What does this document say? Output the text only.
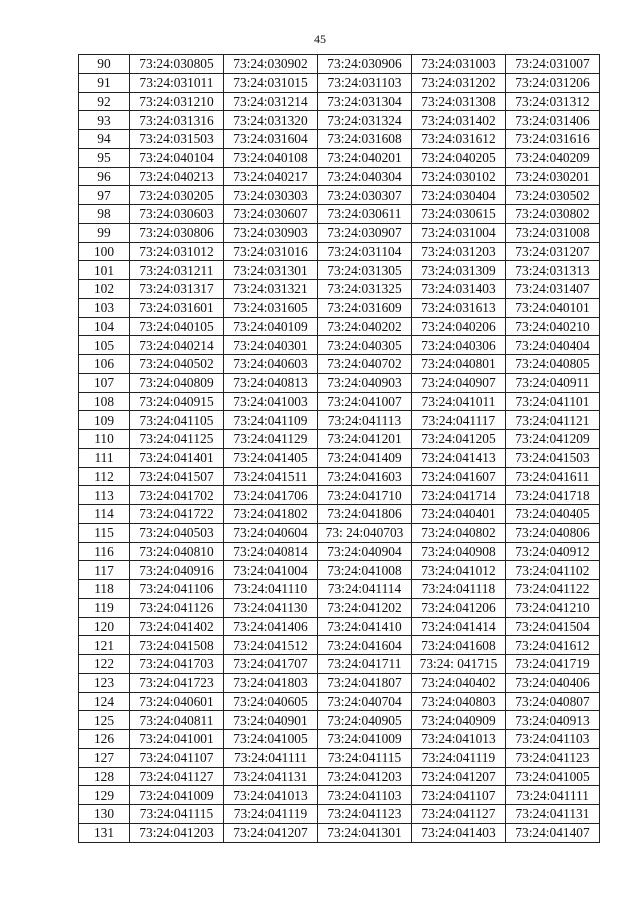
45
90	73:24:030805	73:24:030902	73:24:030906	73:24:031003	73:24:031007
91	73:24:031011	73:24:031015	73:24:031103	73:24:031202	73:24:031206
92	73:24:031210	73:24:031214	73:24:031304	73:24:031308	73:24:031312
93	73:24:031316	73:24:031320	73:24:031324	73:24:031402	73:24:031406
94	73:24:031503	73:24:031604	73:24:031608	73:24:031612	73:24:031616
95	73:24:040104	73:24:040108	73:24:040201	73:24:040205	73:24:040209
96	73:24:040213	73:24:040217	73:24:040304	73:24:030102	73:24:030201
97	73:24:030205	73:24:030303	73:24:030307	73:24:030404	73:24:030502
98	73:24:030603	73:24:030607	73:24:030611	73:24:030615	73:24:030802
99	73:24:030806	73:24:030903	73:24:030907	73:24:031004	73:24:031008
100	73:24:031012	73:24:031016	73:24:031104	73:24:031203	73:24:031207
101	73:24:031211	73:24:031301	73:24:031305	73:24:031309	73:24:031313
102	73:24:031317	73:24:031321	73:24:031325	73:24:031403	73:24:031407
103	73:24:031601	73:24:031605	73:24:031609	73:24:031613	73:24:040101
104	73:24:040105	73:24:040109	73:24:040202	73:24:040206	73:24:040210
105	73:24:040214	73:24:040301	73:24:040305	73:24:040306	73:24:040404
106	73:24:040502	73:24:040603	73:24:040702	73:24:040801	73:24:040805
107	73:24:040809	73:24:040813	73:24:040903	73:24:040907	73:24:040911
108	73:24:040915	73:24:041003	73:24:041007	73:24:041011	73:24:041101
109	73:24:041105	73:24:041109	73:24:041113	73:24:041117	73:24:041121
110	73:24:041125	73:24:041129	73:24:041201	73:24:041205	73:24:041209
111	73:24:041401	73:24:041405	73:24:041409	73:24:041413	73:24:041503
112	73:24:041507	73:24:041511	73:24:041603	73:24:041607	73:24:041611
113	73:24:041702	73:24:041706	73:24:041710	73:24:041714	73:24:041718
114	73:24:041722	73:24:041802	73:24:041806	73:24:040401	73:24:040405
115	73:24:040503	73:24:040604	73: 24:040703	73:24:040802	73:24:040806
116	73:24:040810	73:24:040814	73:24:040904	73:24:040908	73:24:040912
117	73:24:040916	73:24:041004	73:24:041008	73:24:041012	73:24:041102
118	73:24:041106	73:24:041110	73:24:041114	73:24:041118	73:24:041122
119	73:24:041126	73:24:041130	73:24:041202	73:24:041206	73:24:041210
120	73:24:041402	73:24:041406	73:24:041410	73:24:041414	73:24:041504
121	73:24:041508	73:24:041512	73:24:041604	73:24:041608	73:24:041612
122	73:24:041703	73:24:041707	73:24:041711	73:24: 041715	73:24:041719
123	73:24:041723	73:24:041803	73:24:041807	73:24:040402	73:24:040406
124	73:24:040601	73:24:040605	73:24:040704	73:24:040803	73:24:040807
125	73:24:040811	73:24:040901	73:24:040905	73:24:040909	73:24:040913
126	73:24:041001	73:24:041005	73:24:041009	73:24:041013	73:24:041103
127	73:24:041107	73:24:041111	73:24:041115	73:24:041119	73:24:041123
128	73:24:041127	73:24:041131	73:24:041203	73:24:041207	73:24:041005
129	73:24:041009	73:24:041013	73:24:041103	73:24:041107	73:24:041111
130	73:24:041115	73:24:041119	73:24:041123	73:24:041127	73:24:041131
131	73:24:041203	73:24:041207	73:24:041301	73:24:041403	73:24:041407
